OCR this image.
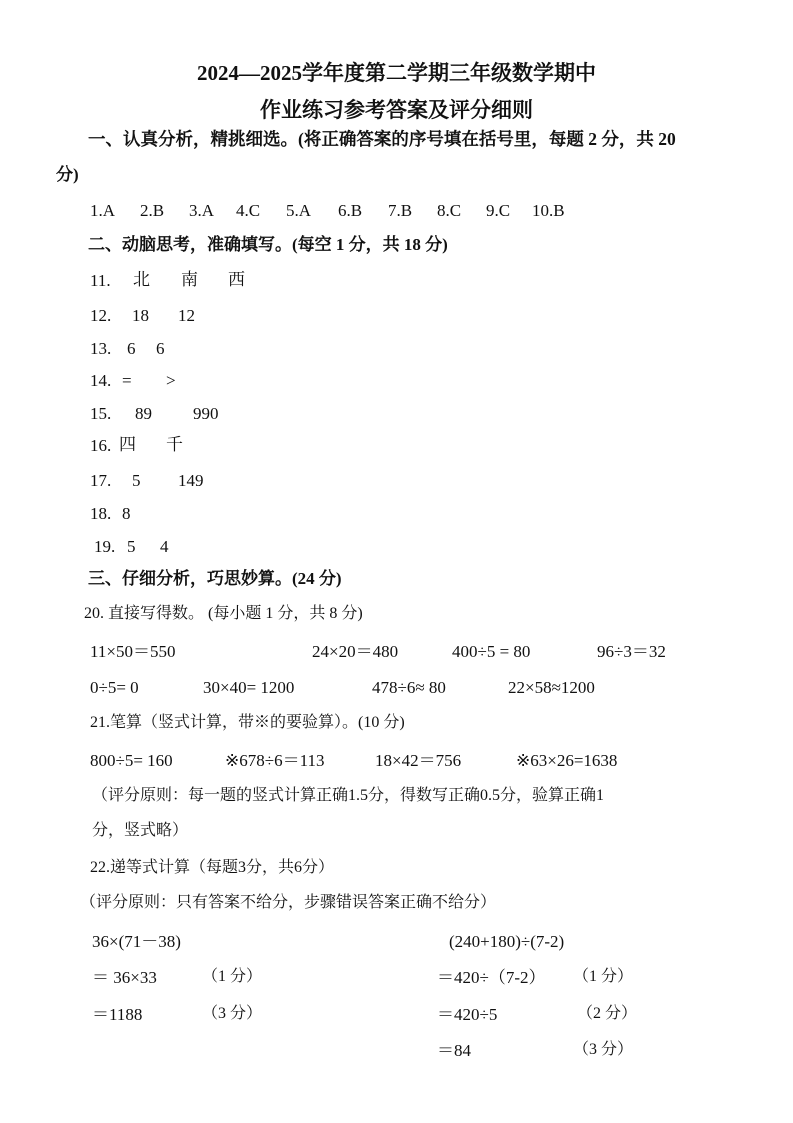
2024—2025学年度第二学期三年级数学期中
作业练习参考答案及评分细则
一、认真分析，精挑细选。(将正确答案的序号填在括号里，每题 2 分，共 20
分)
1.A 2.B 3.A 4.C 5.A 6.B 7.B 8.C 9.C 10.B
二、动脑思考，准确填写。(每空 1 分，共 18 分)
11. 北 南 西
12. 18 12
13. 6 6
14. = >
15. 89 990
16. 四 千
17. 5 149
18. 8
19. 5 4
三、仔细分析，巧思妙算。(24 分)
20. 直接写得数。 (每小题 1 分，共 8 分)
11×50＝550	24×20＝480	400÷5 = 80	96÷3＝32
0÷5= 0	30×40= 1200	478÷6≈ 80	22×58≈1200
21.笔算（竖式计算，带※的要验算）。(10 分)
800÷5= 160	※678÷6＝113	18×42＝756	※63×26=1638
（评分原则：每一题的竖式计算正确1.5分，得数写正确0.5分，验算正确1
分，竖式略）
22.递等式计算（每题3分，共6分）
（评分原则：只有答案不给分，步骤错误答案正确不给分）
36×(71－38)
＝ 36×33	（1 分）
＝1188	（3 分）
(240+180)÷(7-2)
＝420÷（7-2） （1 分）
＝420÷5	（2 分）
＝84	（3 分）
